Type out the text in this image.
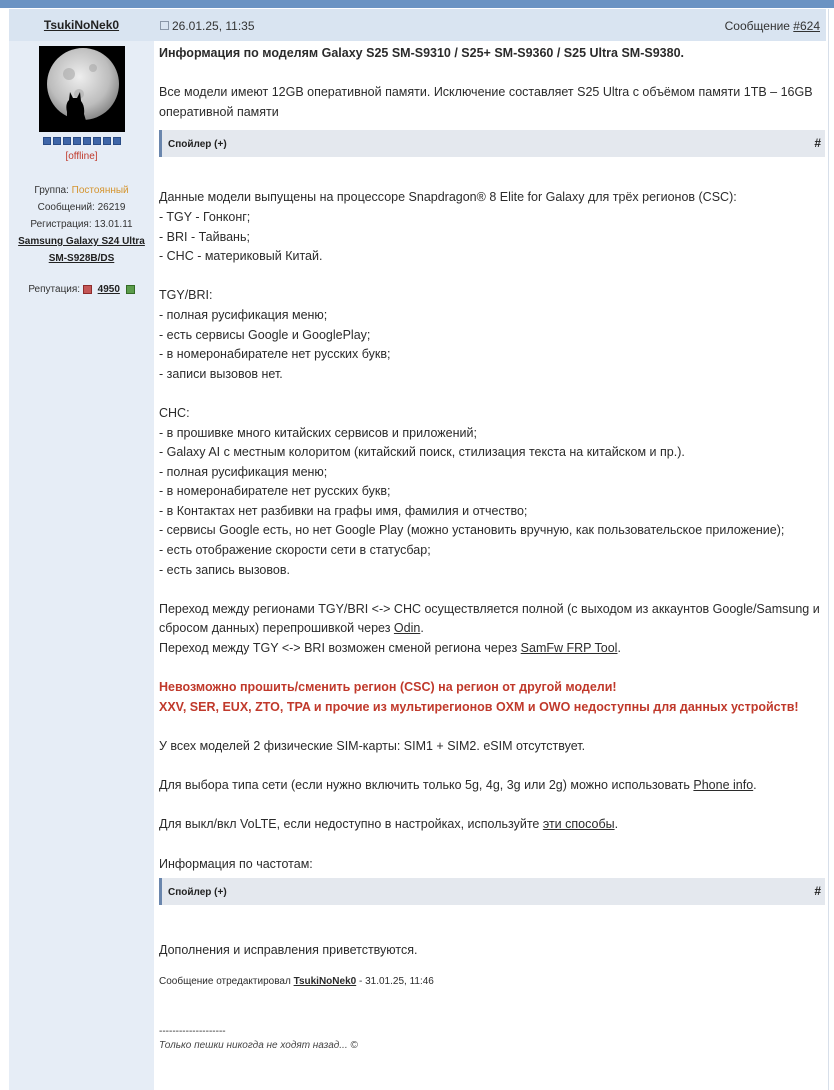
TsukiNoNek0
[offline]
Группа: Постоянный
Сообщений: 26219
Регистрация: 13.01.11
Samsung Galaxy S24 Ultra
SM-S928B/DS
Репутация: 4950
26.01.25, 11:35	Сообщение #624
Информация по моделям Galaxy S25 SM-S9310 / S25+ SM-S9360 / S25 Ultra SM-S9380.
Все модели имеют 12GB оперативной памяти. Исключение составляет S25 Ultra с объёмом памяти 1TB – 16GB оперативной памяти
Спойлер (+)	#
Данные модели выпущены на процессоре Snapdragon® 8 Elite for Galaxy для трёх регионов (CSC):
- TGY - Гонконг;
- BRI - Тайвань;
- CHC - материковый Китай.
TGY/BRI:
- полная русификация меню;
- есть сервисы Google и GooglePlay;
- в номеронабирателе нет русских букв;
- записи вызовов нет.
CHC:
- в прошивке много китайских сервисов и приложений;
- Galaxy AI с местным колоритом (китайский поиск, стилизация текста на китайском и пр.).
- полная русификация меню;
- в номеронабирателе нет русских букв;
- в Контактах нет разбивки на графы имя, фамилия и отчество;
- сервисы Google есть, но нет Google Play (можно установить вручную, как пользовательское приложение);
- есть отображение скорости сети в статусбар;
- есть запись вызовов.
Переход между регионами TGY/BRI <-> CHC осуществляется полной (с выходом из аккаунтов Google/Samsung и сбросом данных) перепрошивкой через Odin.
Переход между TGY <-> BRI возможен сменой региона через SamFw FRP Tool.
Невозможно прошить/сменить регион (CSC) на регион от другой модели!
XXV, SER, EUX, ZTO, TPA и прочие из мультирегионов OXM и OWO недоступны для данных устройств!
У всех моделей 2 физические SIM-карты: SIM1 + SIM2. eSIM отсутствует.
Для выбора типа сети (если нужно включить только 5g, 4g, 3g или 2g) можно использовать Phone info.
Для выкл/вкл VoLTE, если недоступно в настройках, используйте эти способы.
Информация по частотам:
Спойлер (+)	#
Дополнения и исправления приветствуются.
Сообщение отредактировал TsukiNoNek0 - 31.01.25, 11:46
--------------------
Только пешки никогда не ходят назад... ©
